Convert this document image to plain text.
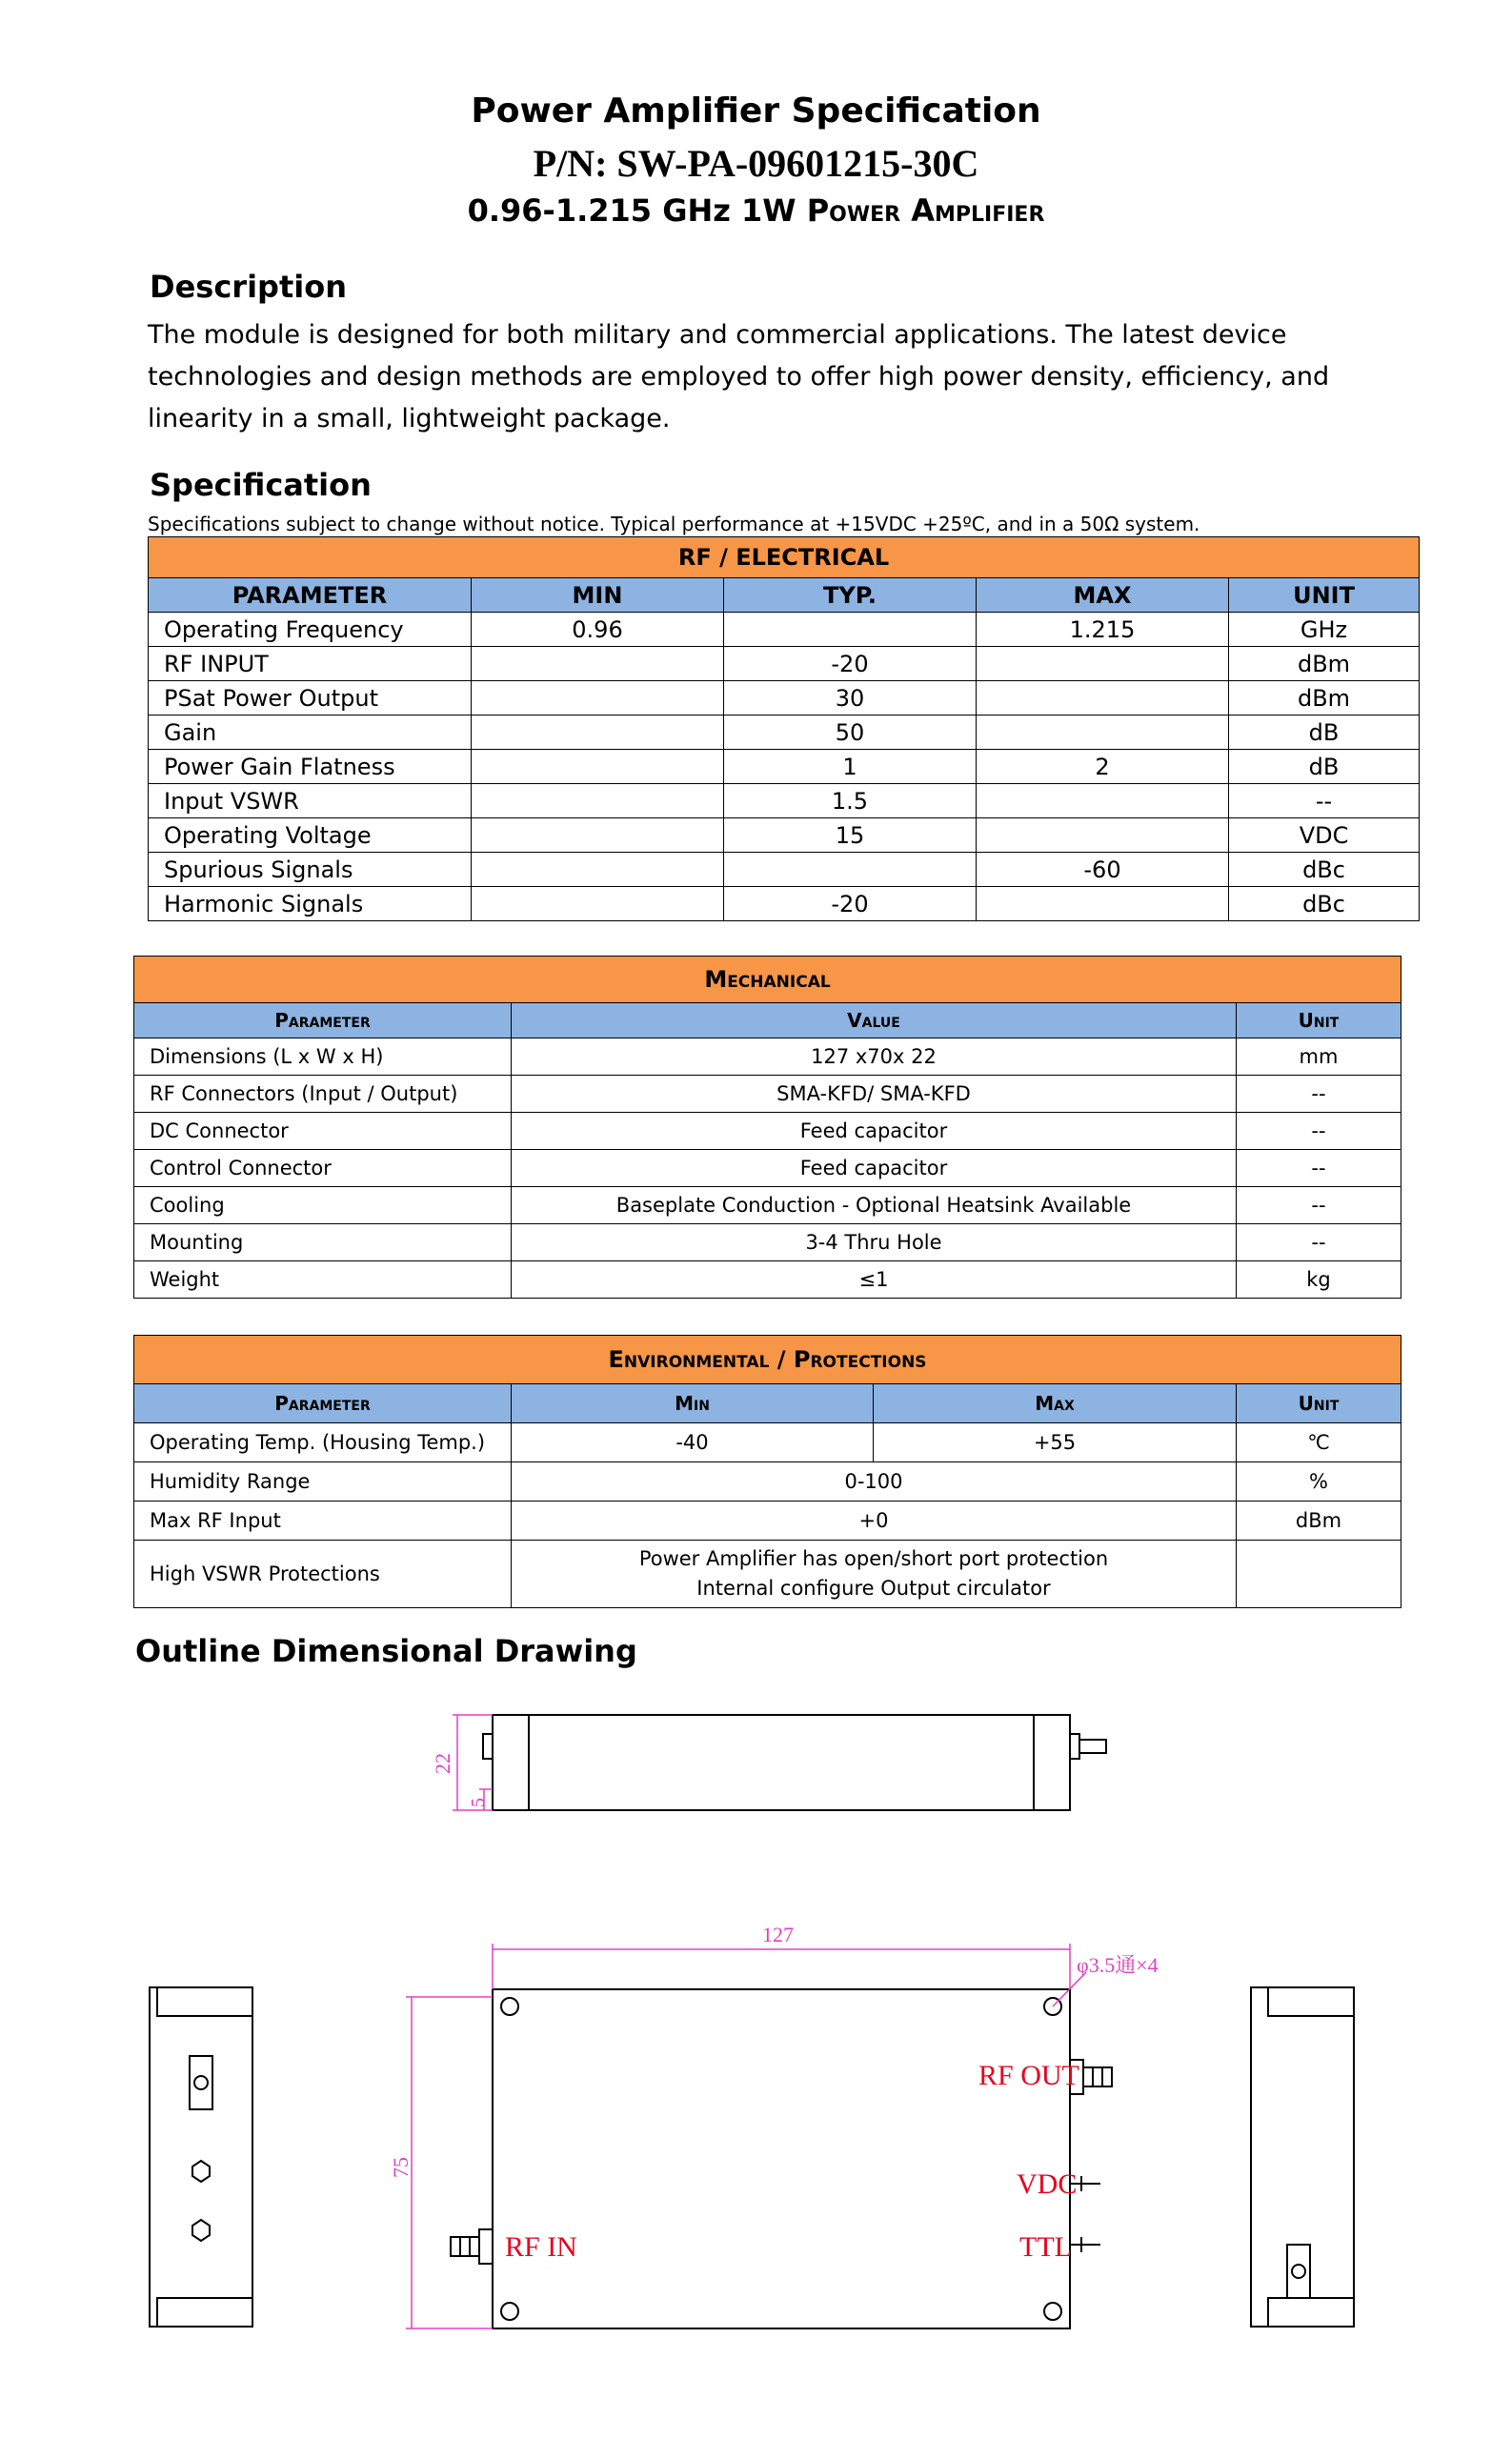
Power Amplifier Specification
P/N: SW-PA-09601215-30C
0.96-1.215 GHz 1W Power Amplifier
Description
The module is designed for both military and commercial applications. The latest device technologies and design methods are employed to offer high power density, efficiency, and linearity in a small, lightweight package.
Specification
Specifications subject to change without notice. Typical performance at +15VDC +25ºC, and in a 50Ω system.
RF / ELECTRICAL				
PARAMETER	MIN	TYP.	MAX	UNIT
Operating Frequency	0.96		1.215	GHz
RF INPUT		-20		dBm
PSat Power Output		30		dBm
Gain		50		dB
Power Gain Flatness		1	2	dB
Input VSWR		1.5		--
Operating Voltage		15		VDC
Spurious Signals			-60	dBc
Harmonic Signals		-20		dBc
Mechanical		
Parameter	Value	Unit
Dimensions (L x W x H)	127 x70x 22	mm
RF Connectors (Input / Output)	SMA-KFD/ SMA-KFD	--
DC Connector	Feed capacitor	--
Control Connector	Feed capacitor	--
Cooling	Baseplate Conduction - Optional Heatsink Available	--
Mounting	3-4 Thru Hole	--
Weight	≤1	kg
Environmental / Protections			
Parameter	Min	Max	Unit
Operating Temp. (Housing Temp.)	-40	+55	℃
Humidity Range	0-100		%
Max RF Input	+0		dBm
High VSWR Protections	Power Amplifier has open/short port protection
Internal configure Output circulator		

Outline Dimensional Drawing
22
5
127
75
φ3.5通×4
RF OUT
RF IN
VDC
TTL
